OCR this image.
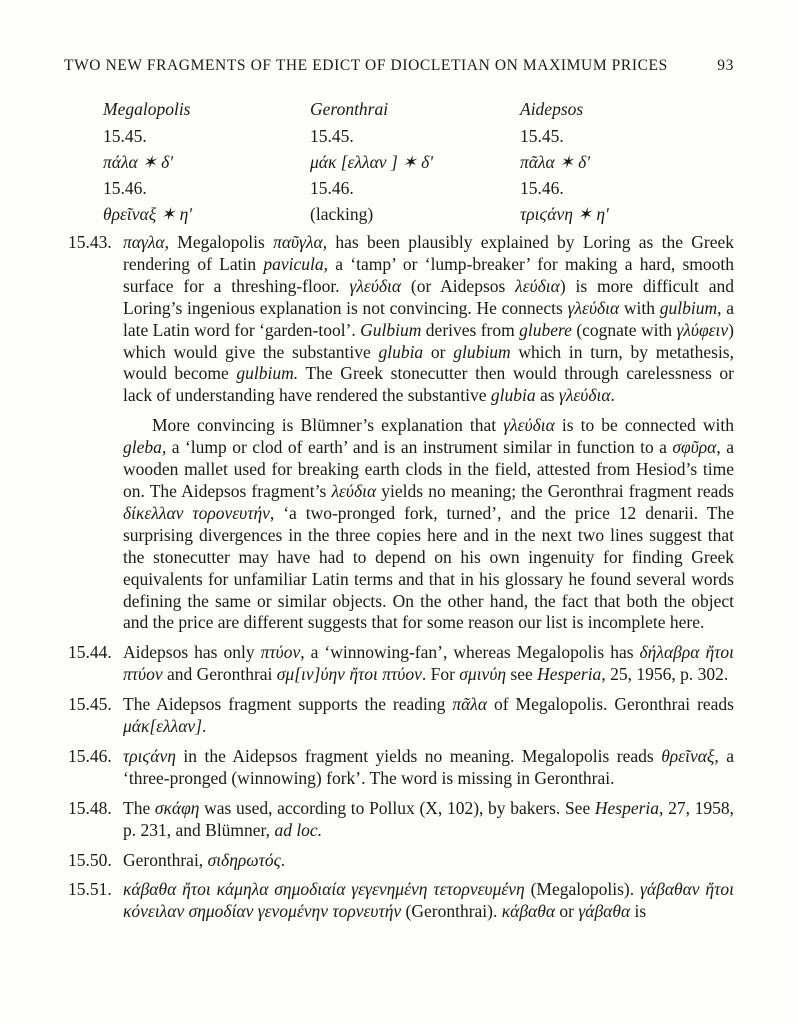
TWO NEW FRAGMENTS OF THE EDICT OF DIOCLETIAN ON MAXIMUM PRICES	93
Megalopolis
15.45.
πάλα ✶ δʹ
15.46.
θρεῖναξ ✶ ηʹ
Geronthrai
15.45.
μάκ [ελλαν ] ✶ δʹ
15.46.
(lacking)
Aidepsos
15.45.
πᾶλα ✶ δʹ
15.46.
τριϛάνη ✶ ηʹ
15.43. παγλα, Megalopolis παῦγλα, has been plausibly explained by Loring as the Greek rendering of Latin pavicula, a ‘tamp’ or ‘lump-breaker’ for making a hard, smooth surface for a threshing-floor. γλεύδια (or Aidepsos λεύδια) is more difficult and Loring’s ingenious explanation is not convincing. He connects γλεύδια with gulbium, a late Latin word for ‘garden-tool’. Gulbium derives from glubere (cognate with γλύφειν) which would give the substantive glubia or glubium which in turn, by metathesis, would become gulbium. The Greek stonecutter then would through carelessness or lack of understanding have rendered the substantive glubia as γλεύδια.
More convincing is Blümner’s explanation that γλεύδια is to be connected with gleba, a ‘lump or clod of earth’ and is an instrument similar in function to a σφῦρα, a wooden mallet used for breaking earth clods in the field, attested from Hesiod’s time on. The Aidepsos fragment’s λεύδια yields no meaning; the Geronthrai fragment reads δίκελλαν τορονευτήν, ‘a two-pronged fork, turned’, and the price 12 denarii. The surprising divergences in the three copies here and in the next two lines suggest that the stonecutter may have had to depend on his own ingenuity for finding Greek equivalents for unfamiliar Latin terms and that in his glossary he found several words defining the same or similar objects. On the other hand, the fact that both the object and the price are different suggests that for some reason our list is incomplete here.
15.44. Aidepsos has only πτύον, a ‘winnowing-fan’, whereas Megalopolis has δήλαβρα ἤτοι πτύον and Geronthrai σμ[ιν]ύην ἤτοι πτύον. For σμινύη see Hesperia, 25, 1956, p. 302.
15.45. The Aidepsos fragment supports the reading πᾶλα of Megalopolis. Geronthrai reads μάκ[ελλαν].
15.46. τριϛάνη in the Aidepsos fragment yields no meaning. Megalopolis reads θρεῖναξ, a ‘three-pronged (winnowing) fork’. The word is missing in Geronthrai.
15.48. The σκάφη was used, according to Pollux (X, 102), by bakers. See Hesperia, 27, 1958, p. 231, and Blümner, ad loc.
15.50. Geronthrai, σιδηρωτός.
15.51. κάβαθα ἤτοι κάμηλα σημοδιαία γεγενημένη τετορνευμένη (Megalopolis). γάβαθαν ἤτοι κόνειλαν σημοδίαν γενομένην τορνευτήν (Geronthrai). κάβαθα or γάβαθα is
